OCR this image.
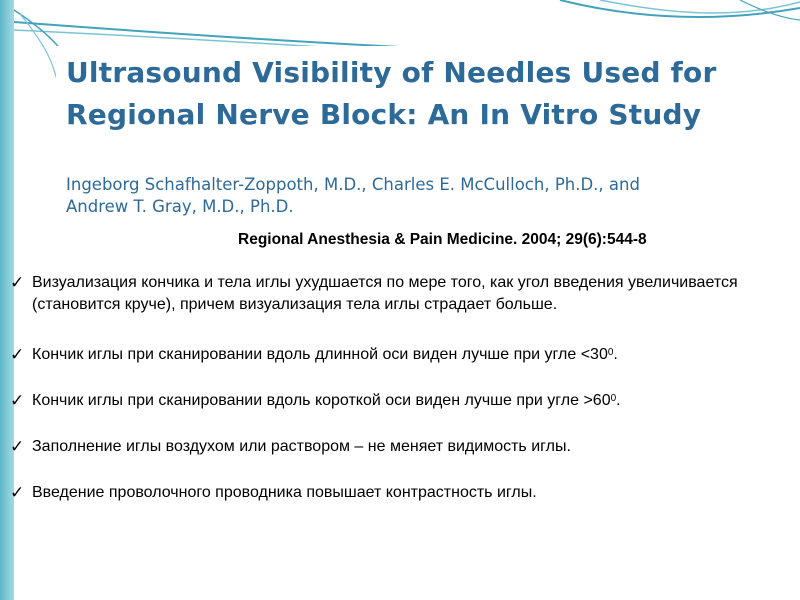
Ultrasound Visibility of Needles Used for
Regional Nerve Block: An In Vitro Study

Ingeborg Schafhalter-Zoppoth, M.D., Charles E. McCulloch, Ph.D., and
Andrew T. Gray, M.D., Ph.D.

Regional Anesthesia & Pain Medicine. 2004; 29(6):544-8
✓ Визуализация кончика и тела иглы ухудшается по мере того, как угол введения увеличивается (становится круче), причем визуализация тела иглы страдает больше.
✓ Кончик иглы при сканировании вдоль длинной оси виден лучше при угле $<30^0$.
✓ Кончик иглы при сканировании вдоль короткой оси виден лучше при угле $>60^0$.
✓ Заполнение иглы воздухом или раствором – не меняет видимость иглы.
✓ Введение проволочного проводника повышает контрастность иглы.
